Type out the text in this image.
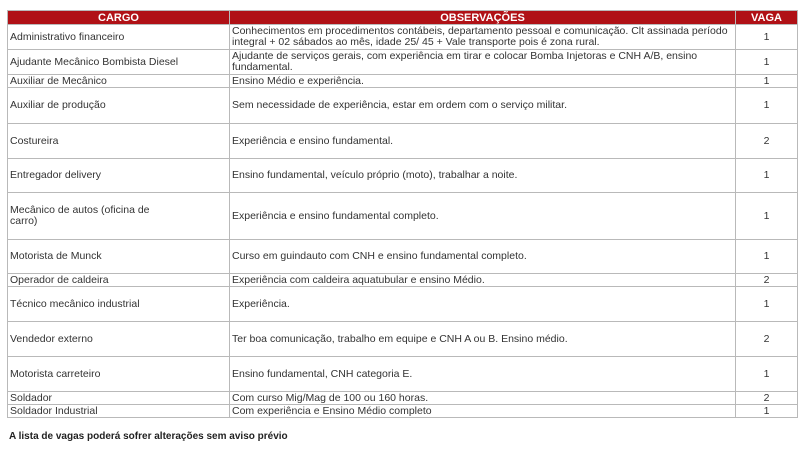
CARGO	OBSERVAÇÕES	VAGA
Administrativo financeiro	Conhecimentos em procedimentos contábeis, departamento pessoal e comunicação. Clt assinada período integral + 02 sábados ao mês, idade 25/ 45 + Vale transporte pois é zona rural.	1
Ajudante Mecânico Bombista Diesel	Ajudante de serviços gerais, com experiência em tirar e colocar Bomba Injetoras e CNH A/B, ensino fundamental.	1
Auxiliar de Mecânico	Ensino Médio e experiência.	1
Auxiliar de produção	Sem necessidade de experiência, estar em ordem com o serviço militar.	1
Costureira	Experiência e ensino fundamental.	2
Entregador delivery	Ensino fundamental, veículo próprio (moto), trabalhar a noite.	1
Mecânico de autos (oficina de carro)	Experiência e ensino fundamental completo.	1
Motorista de Munck	Curso em guindauto com CNH e ensino fundamental completo.	1
Operador de caldeira	Experiência com caldeira aquatubular e ensino Médio.	2
Técnico mecânico industrial	Experiência.	1
Vendedor externo	Ter boa comunicação, trabalho em equipe e CNH A ou B. Ensino médio.	2
Motorista carreteiro	Ensino fundamental, CNH categoria E.	1
Soldador	Com curso Mig/Mag de 100 ou 160 horas.	2
Soldador Industrial	Com experiência e Ensino Médio completo	1
A lista de vagas poderá sofrer alterações sem aviso prévio
